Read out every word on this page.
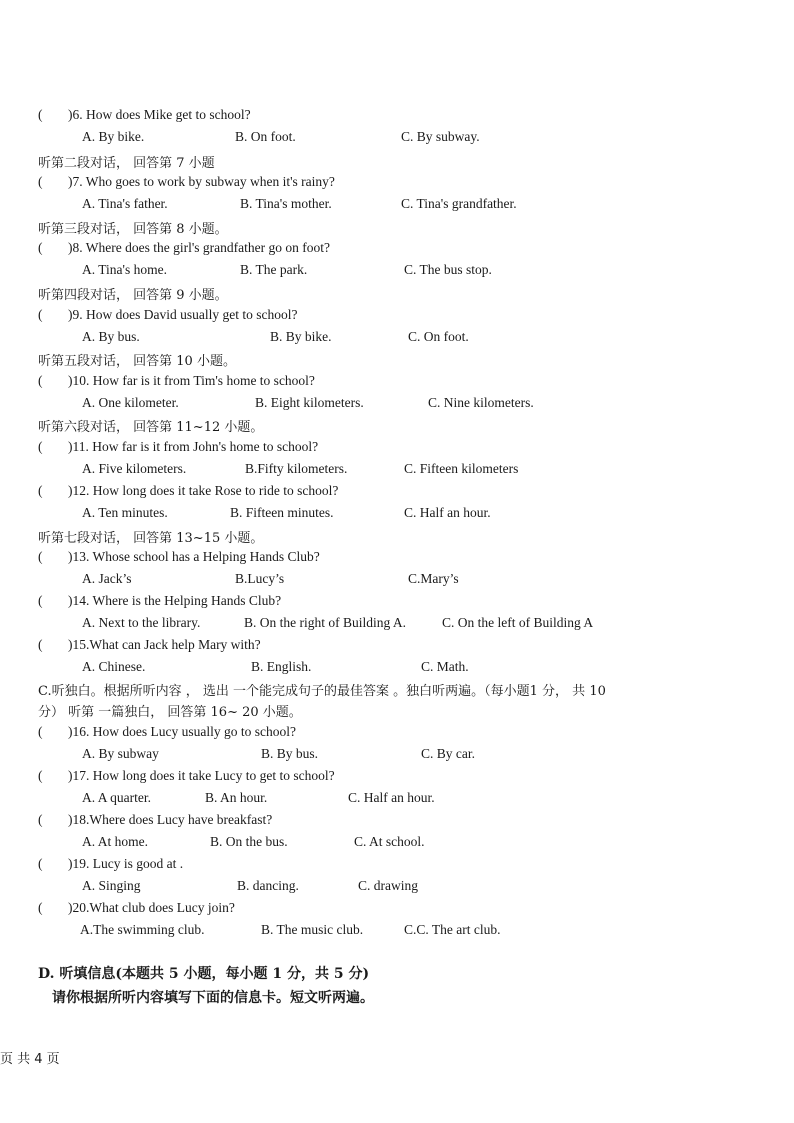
( )6. How does Mike get to school?
A. By bike.	B. On foot.	C. By subway.
听第二段对话， 回答第 7 小题
( )7. Who goes to work by subway when it's rainy?
A. Tina's father.	B. Tina's mother.	C. Tina's grandfather.
听第三段对话， 回答第 8 小题。
( )8. Where does the girl's grandfather go on foot?
A. Tina's home.	B. The park.	C. The bus stop.
听第四段对话， 回答第 9 小题。
( )9. How does David usually get to school?
A. By bus.	B. By bike.	C. On foot.
听第五段对话， 回答第 10 小题。
( )10. How far is it from Tim's home to school?
A. One kilometer.	B. Eight kilometers.	C. Nine kilometers.
听第六段对话， 回答第 11~12 小题。
( )11. How far is it from John's home to school?
A. Five kilometers.	B.Fifty kilometers.	C. Fifteen kilometers
( )12. How long does it take Rose to ride to school?
A. Ten minutes.	B. Fifteen minutes.	C. Half an hour.
听第七段对话， 回答第 13~15 小题。
( )13. Whose school has a Helping Hands Club?
A. Jack’s	B.Lucy’s	C.Mary’s
( )14. Where is the Helping Hands Club?
A. Next to the library.	B. On the right of Building A.	C. On the left of Building A
( )15.What can Jack help Mary with?
A. Chinese.	B. English.	C. Math.
C.听独白。根据所听内容 ， 选出 一个能完成句子的最佳答案 。独白听两遍。（每小题1 分， 共 10
分） 听第 一篇独白， 回答第 16~ 20 小题。
( )16. How does Lucy usually go to school?
A. By subway	B. By bus.	C. By car.
( )17. How long does it take Lucy to get to school?
A. A quarter.	B. An hour.	C. Half an hour.
( )18.Where does Lucy have breakfast?
A. At home.	B. On the bus.	C. At school.
( )19. Lucy is good at .
A. Singing	B. dancing.	C. drawing
( )20.What club does Lucy join?
A.The swimming club.	B. The music club.	C.C. The art club.
D. 听填信息(本题共 5 小题，每小题 1 分，共 5 分)
请你根据所听内容填写下面的信息卡。短文听两遍。
页 共 4 页
